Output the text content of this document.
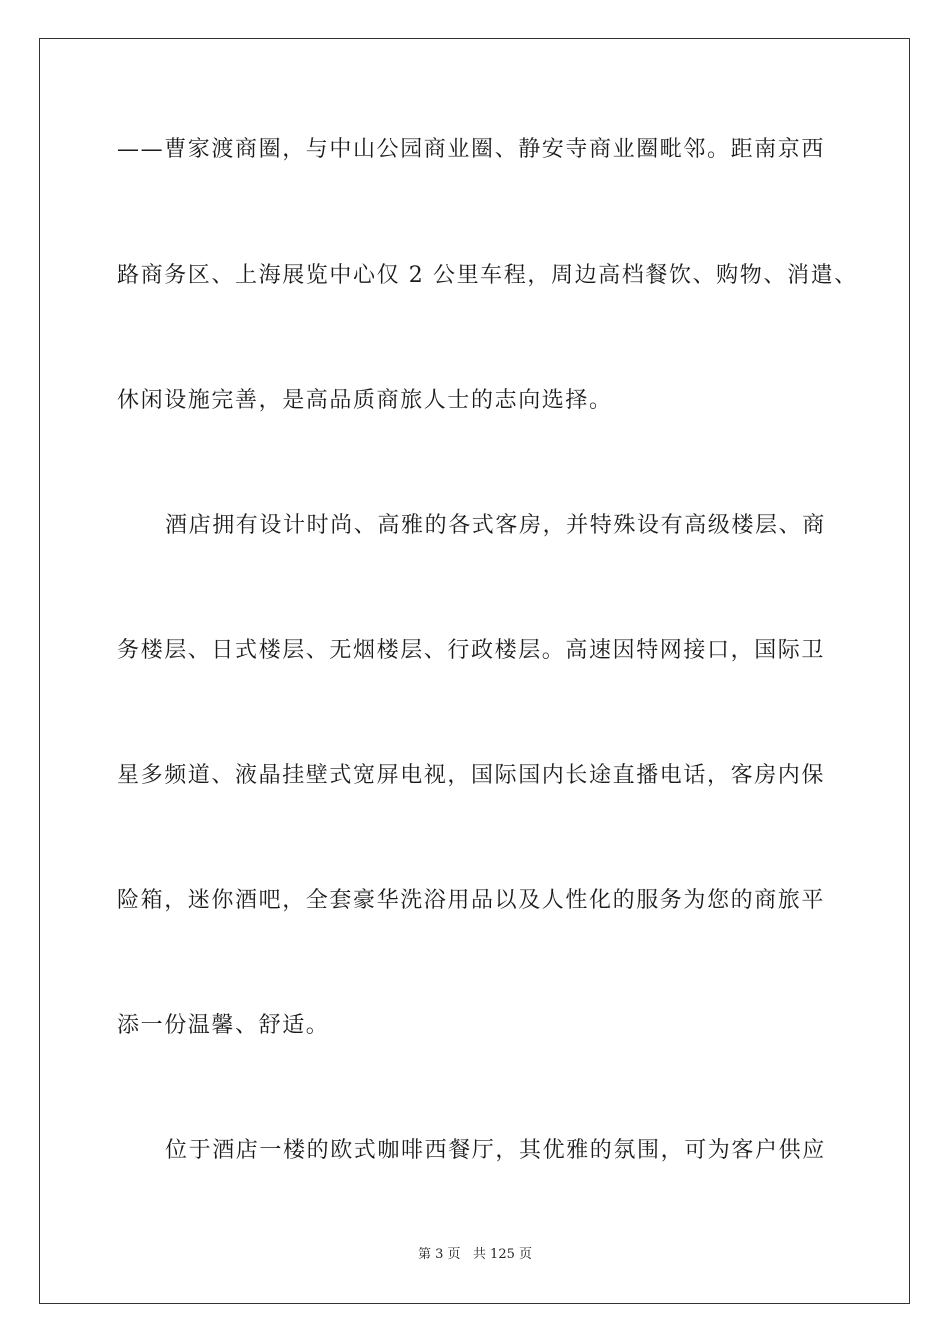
——曹家渡商圈，与中山公园商业圈、静安寺商业圈毗邻。距南京西
路商务区、上海展览中心仅 2 公里车程，周边高档餐饮、购物、消遣、
休闲设施完善，是高品质商旅人士的志向选择。
酒店拥有设计时尚、高雅的各式客房，并特殊设有高级楼层、商
务楼层、日式楼层、无烟楼层、行政楼层。高速因特网接口，国际卫
星多频道、液晶挂壁式宽屏电视，国际国内长途直播电话，客房内保
险箱，迷你酒吧，全套豪华洗浴用品以及人性化的服务为您的商旅平
添一份温馨、舒适。
位于酒店一楼的欧式咖啡西餐厅，其优雅的氛围，可为客户供应
第 3 页   共 125 页
